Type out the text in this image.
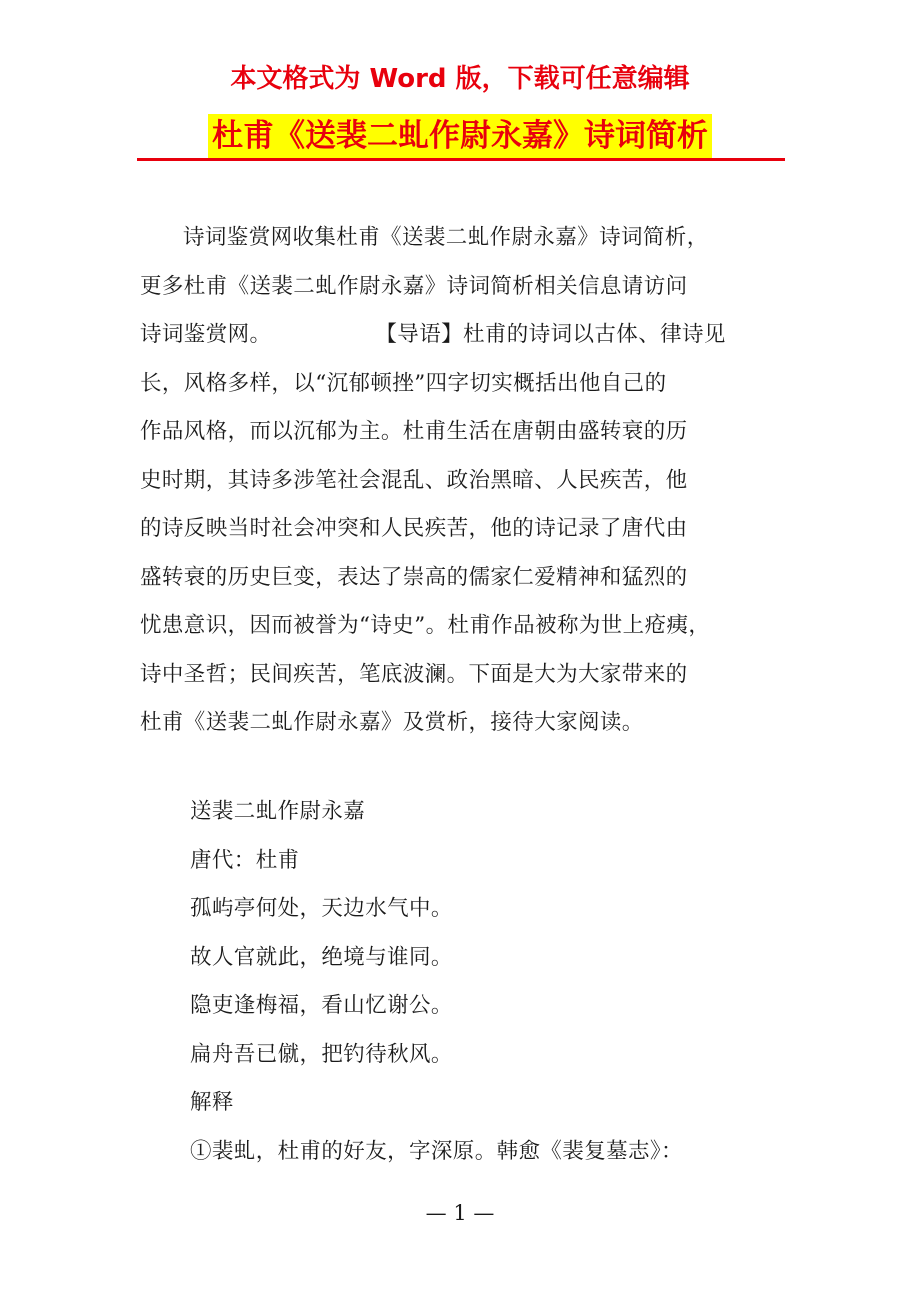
本文格式为 Word 版，下载可任意编辑
杜甫《送裴二虬作尉永嘉》诗词简析
诗词鉴赏网收集杜甫《送裴二虬作尉永嘉》诗词简析，
更多杜甫《送裴二虬作尉永嘉》诗词简析相关信息请访问
诗词鉴赏网。	【导语】杜甫的诗词以古体、律诗见
长，风格多样，以“沉郁顿挫”四字切实概括出他自己的
作品风格，而以沉郁为主。杜甫生活在唐朝由盛转衰的历
史时期，其诗多涉笔社会混乱、政治黑暗、人民疾苦，他
的诗反映当时社会冲突和人民疾苦，他的诗记录了唐代由
盛转衰的历史巨变，表达了崇高的儒家仁爱精神和猛烈的
忧患意识，因而被誉为“诗史”。杜甫作品被称为世上疮痍，
诗中圣哲；民间疾苦，笔底波澜。下面是大为大家带来的
杜甫《送裴二虬作尉永嘉》及赏析，接待大家阅读。
送裴二虬作尉永嘉
唐代：杜甫
孤屿亭何处，天边水气中。
故人官就此，绝境与谁同。
隐吏逢梅福，看山忆谢公。
扁舟吾已僦，把钓待秋风。
解释
①裴虬，杜甫的好友，字深原。韩愈《裴复墓志》：
— 1 —
